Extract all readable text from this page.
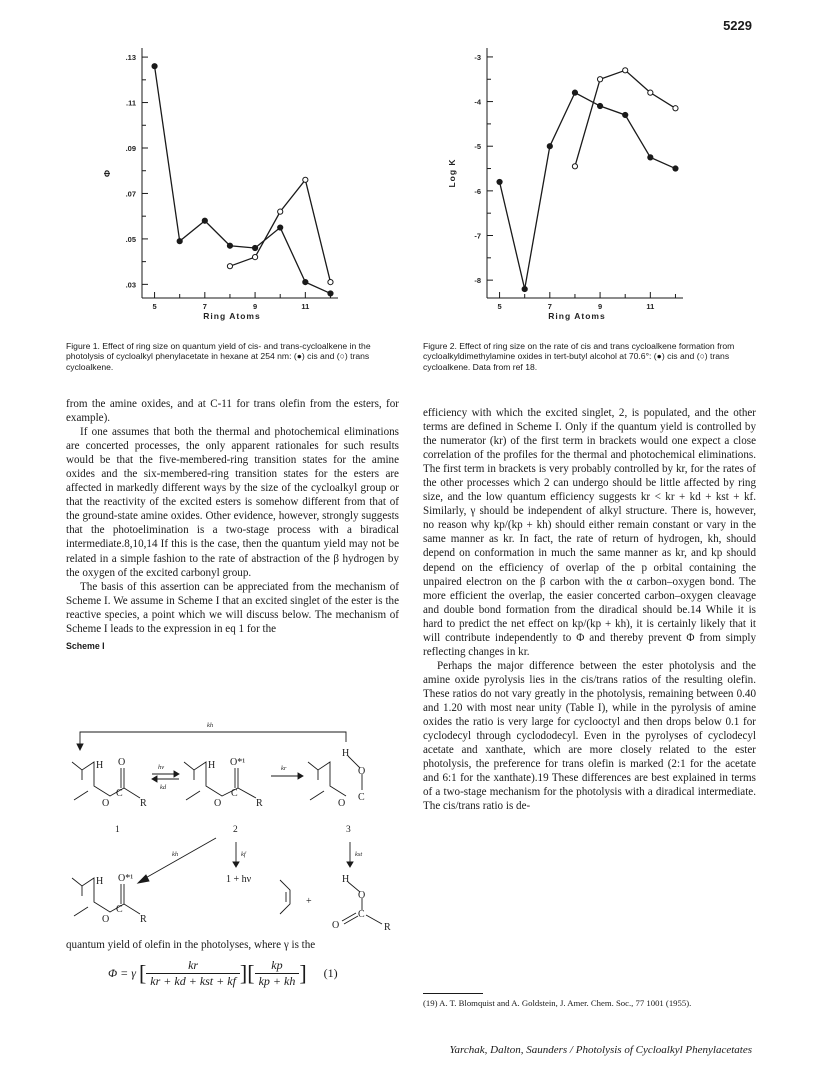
5229
.13
.11
.09
.07
.05
.03
5	7	9	11
Ring Atoms
Φ

Figure 1. Effect of ring size on quantum yield of cis- and trans-cycloalkene in the photolysis of cycloalkyl phenylacetate in hexane at 254 nm: (●) cis and (○) trans cycloalkene.

-3
-4
-5
-6
-7
-8
5	7	9	11
Ring Atoms
Log K

Figure 2. Effect of ring size on the rate of cis and trans cycloalkene formation from cycloalkyldimethylamine oxides in tert-butyl alcohol at 70.6°: (●) cis and (○) trans cycloalkene. Data from ref 18.

from the amine oxides, and at C-11 for trans olefin from the esters, for example).

If one assumes that both the thermal and photochemical eliminations are concerted processes, the only apparent rationales for such results would be that the five-membered-ring transition states for the amine oxides and the six-membered-ring transition states for the esters are affected in markedly different ways by the size of the cycloalkyl group or that the reactivity of the excited esters is somehow different from that of the ground-state amine oxides. Other evidence, however, strongly suggests that the photoelimination is a two-stage process with a biradical intermediate.8,10,14 If this is the case, then the quantum yield may not be related in a simple fashion to the rate of abstraction of the β hydrogen by the oxygen of the excited carbonyl group.

The basis of this assertion can be appreciated from the mechanism of Scheme I. We assume in Scheme I that an excited singlet of the ester is the reactive species, a point which we will discuss below. The mechanism of Scheme I leads to the expression in eq 1 for the

Scheme I
kh
H O
C
O	R
1
hν
kd
H O*¹
C
O	R
2
kr
H
O
C
O
3
kh	kf
1 + hν
kst
H O*¹
C
O	R
+
H
O
C
O	R

quantum yield of olefin in the photolyses, where γ is the

Φ = γ [ $\frac{kr}{\text{kr + kd + kst + kf}}$ ][ $\frac{kp}{kp + kh}$ ] (1)

efficiency with which the excited singlet, 2, is populated, and the other terms are defined in Scheme I. Only if the quantum yield is controlled by the numerator (kr) of the first term in brackets would one expect a close correlation of the profiles for the thermal and photochemical eliminations. The first term in brackets is very probably controlled by kr, for the rates of the other processes which 2 can undergo should be little affected by ring size, and the low quantum efficiency suggests kr < kr + kd + kst + kf. Similarly, γ should be independent of alkyl structure. There is, however, no reason why kp/(kp + kh) should either remain constant or vary in the same manner as kr. In fact, the rate of return of hydrogen, kh, should depend on conformation in much the same manner as kr, and kp should depend on the efficiency of overlap of the p orbital containing the unpaired electron on the β carbon with the α carbon–oxygen bond. The more efficient the overlap, the easier concerted carbon–oxygen cleavage and double bond formation from the diradical should be.14 While it is hard to predict the net effect on kp/(kp + kh), it is certainly likely that it will contribute independently to Φ and thereby prevent Φ from simply reflecting changes in kr.

Perhaps the major difference between the ester photolysis and the amine oxide pyrolysis lies in the cis/trans ratios of the resulting olefin. These ratios do not vary greatly in the photolysis, remaining between 0.40 and 1.20 with most near unity (Table I), while in the pyrolysis of amine oxides the ratio is very large for cyclooctyl and then drops below 0.1 for cyclodecyl through cyclododecyl. Even in the pyrolyses of cyclodecyl acetate and xanthate, which are more closely related to the ester photolysis, the preference for trans olefin is marked (2:1 for the acetate and 6:1 for the xanthate).19 These differences are best explained in terms of a two-stage mechanism for the photolysis with a diradical intermediate. The cis/trans ratio is de-

(19) A. T. Blomquist and A. Goldstein, J. Amer. Chem. Soc., 77 1001 (1955).
Yarchak, Dalton, Saunders / Photolysis of Cycloalkyl Phenylacetates
